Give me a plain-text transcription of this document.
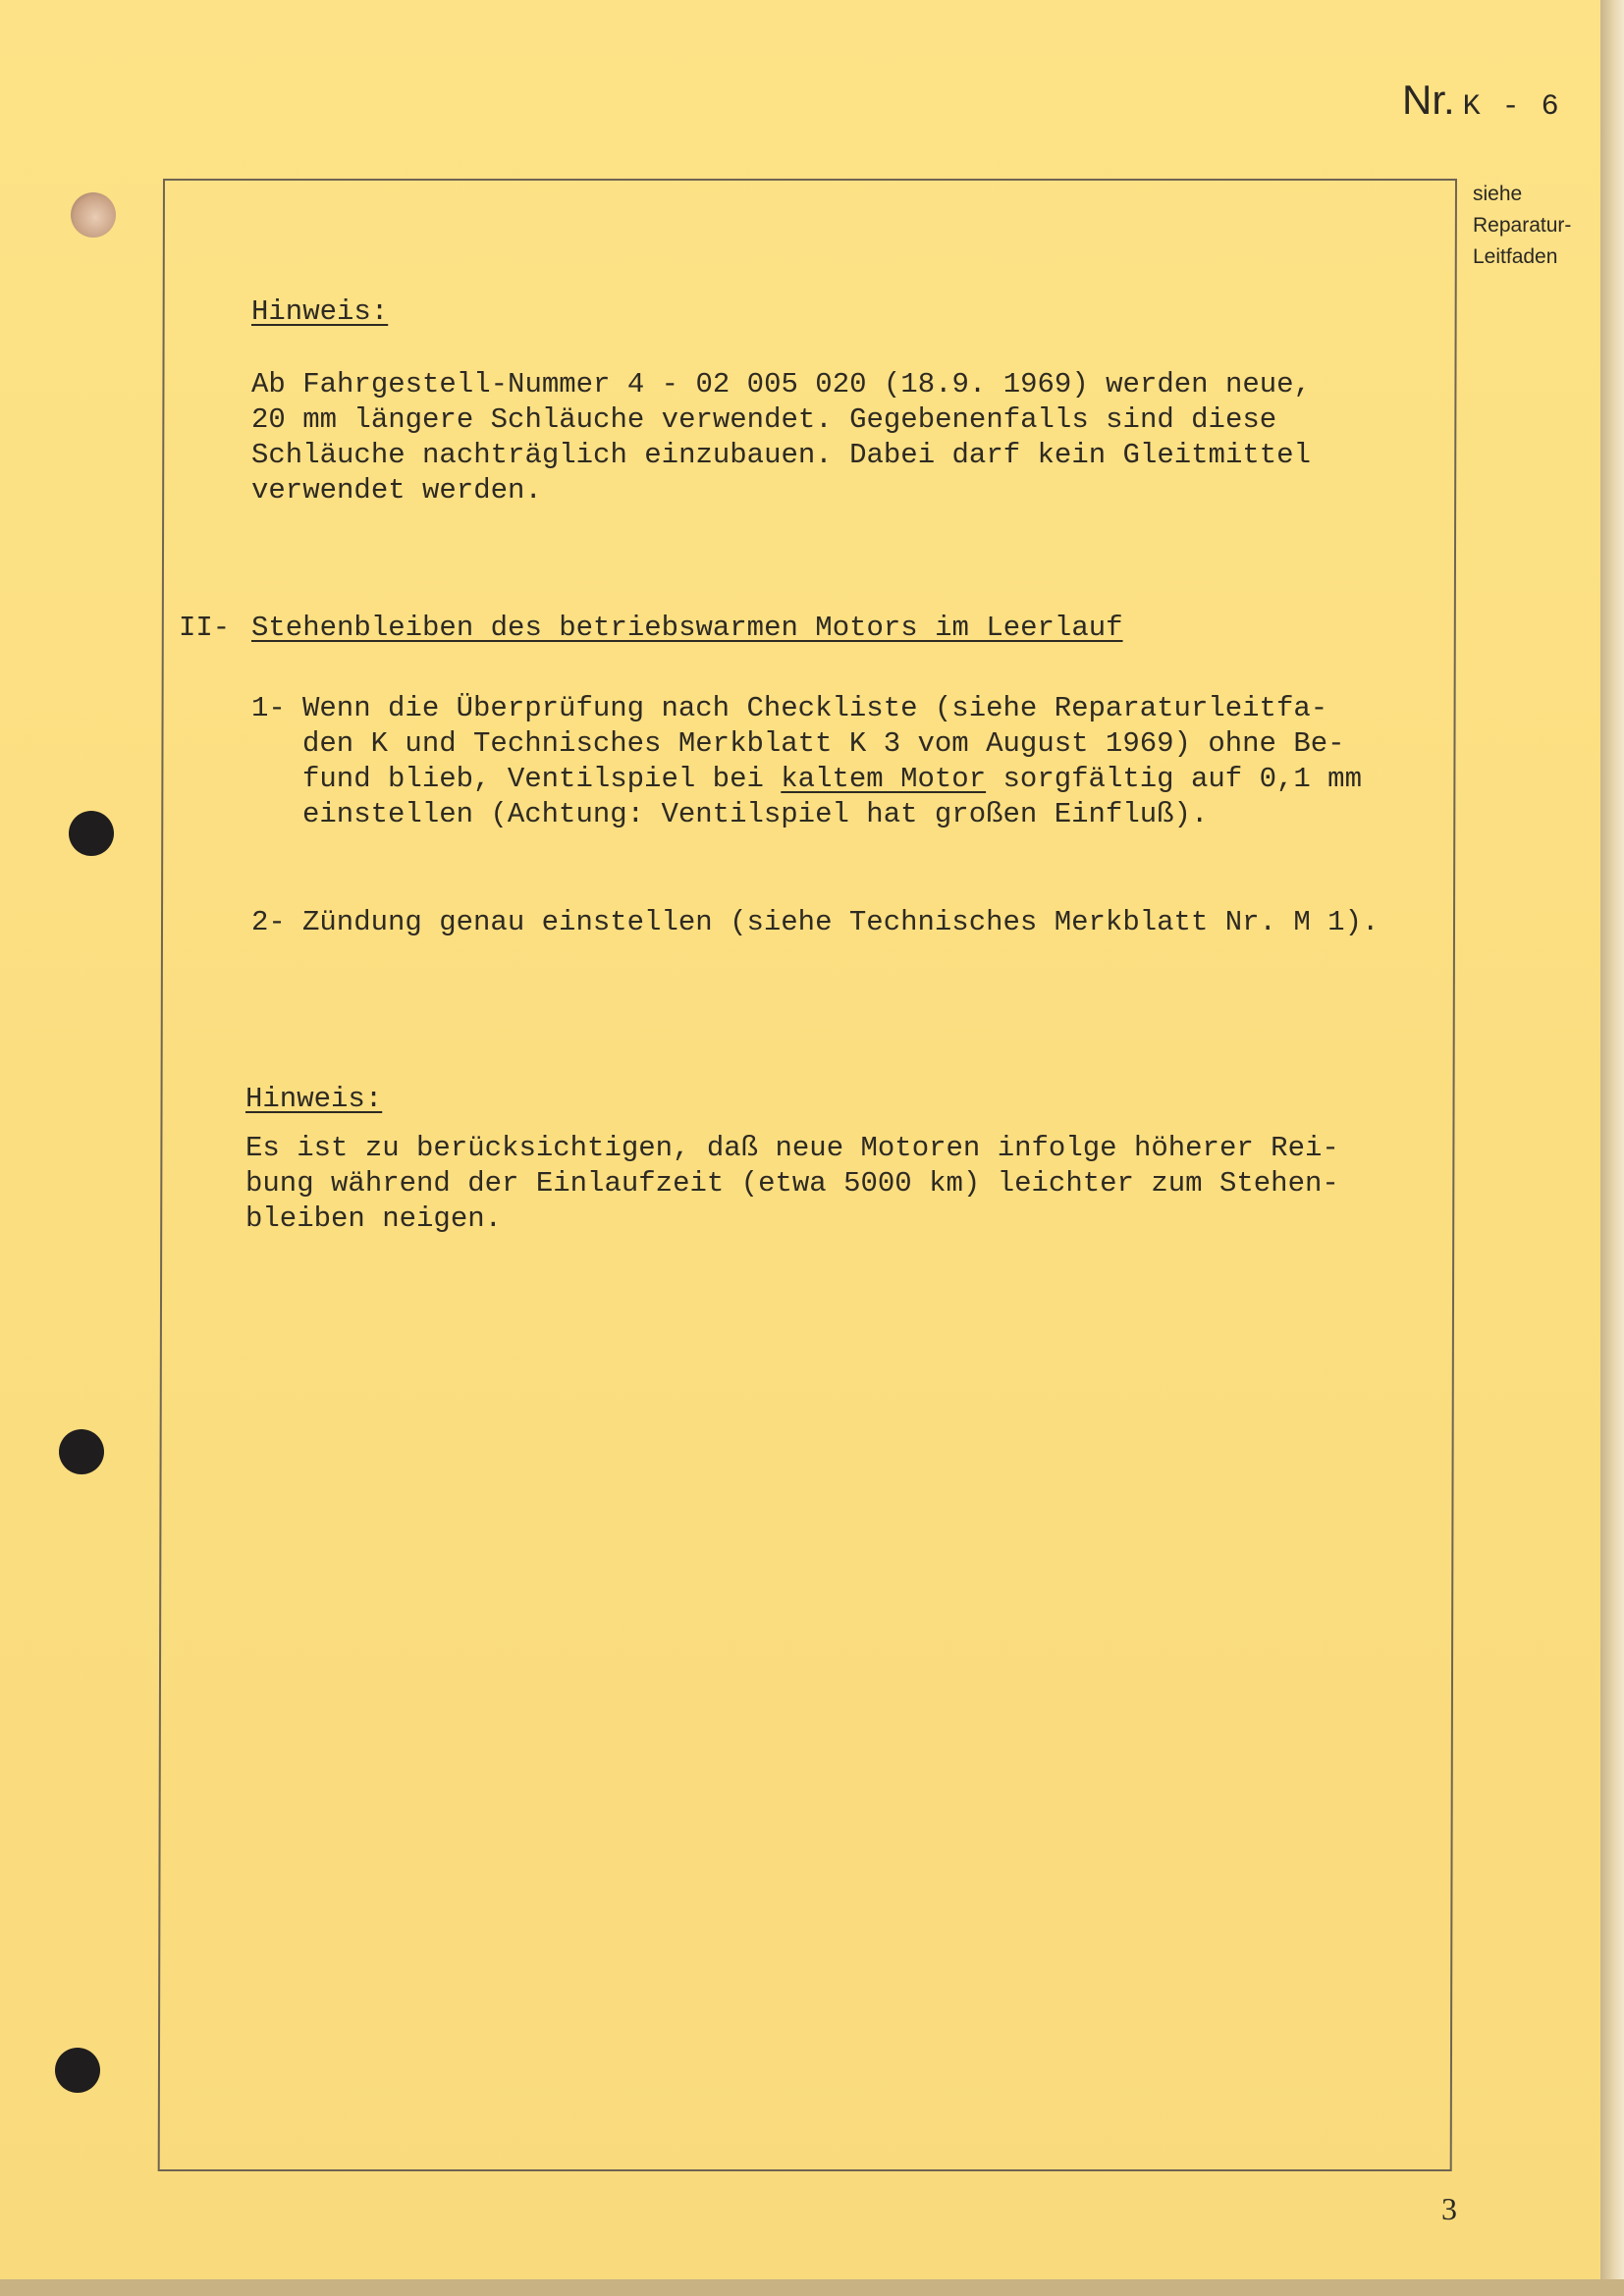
Nr. K - 6
siehe
Reparatur-
Leitfaden
Hinweis:
Ab Fahrgestell-Nummer 4 - 02 005 020 (18.9. 1969) werden neue,
20 mm längere Schläuche verwendet. Gegebenenfalls sind diese
Schläuche nachträglich einzubauen. Dabei darf kein Gleitmittel
verwendet werden.
II- Stehenbleiben des betriebswarmen Motors im Leerlauf
1- Wenn die Überprüfung nach Checkliste (siehe Reparaturleitfa-
den K und Technisches Merkblatt K 3 vom August 1969) ohne Be-
fund blieb, Ventilspiel bei kaltem Motor sorgfältig auf 0,1 mm
einstellen (Achtung: Ventilspiel hat großen Einfluß).
2- Zündung genau einstellen (siehe Technisches Merkblatt Nr. M 1).
Hinweis:
Es ist zu berücksichtigen, daß neue Motoren infolge höherer Rei-
bung während der Einlaufzeit (etwa 5000 km) leichter zum Stehen-
bleiben neigen.
3
